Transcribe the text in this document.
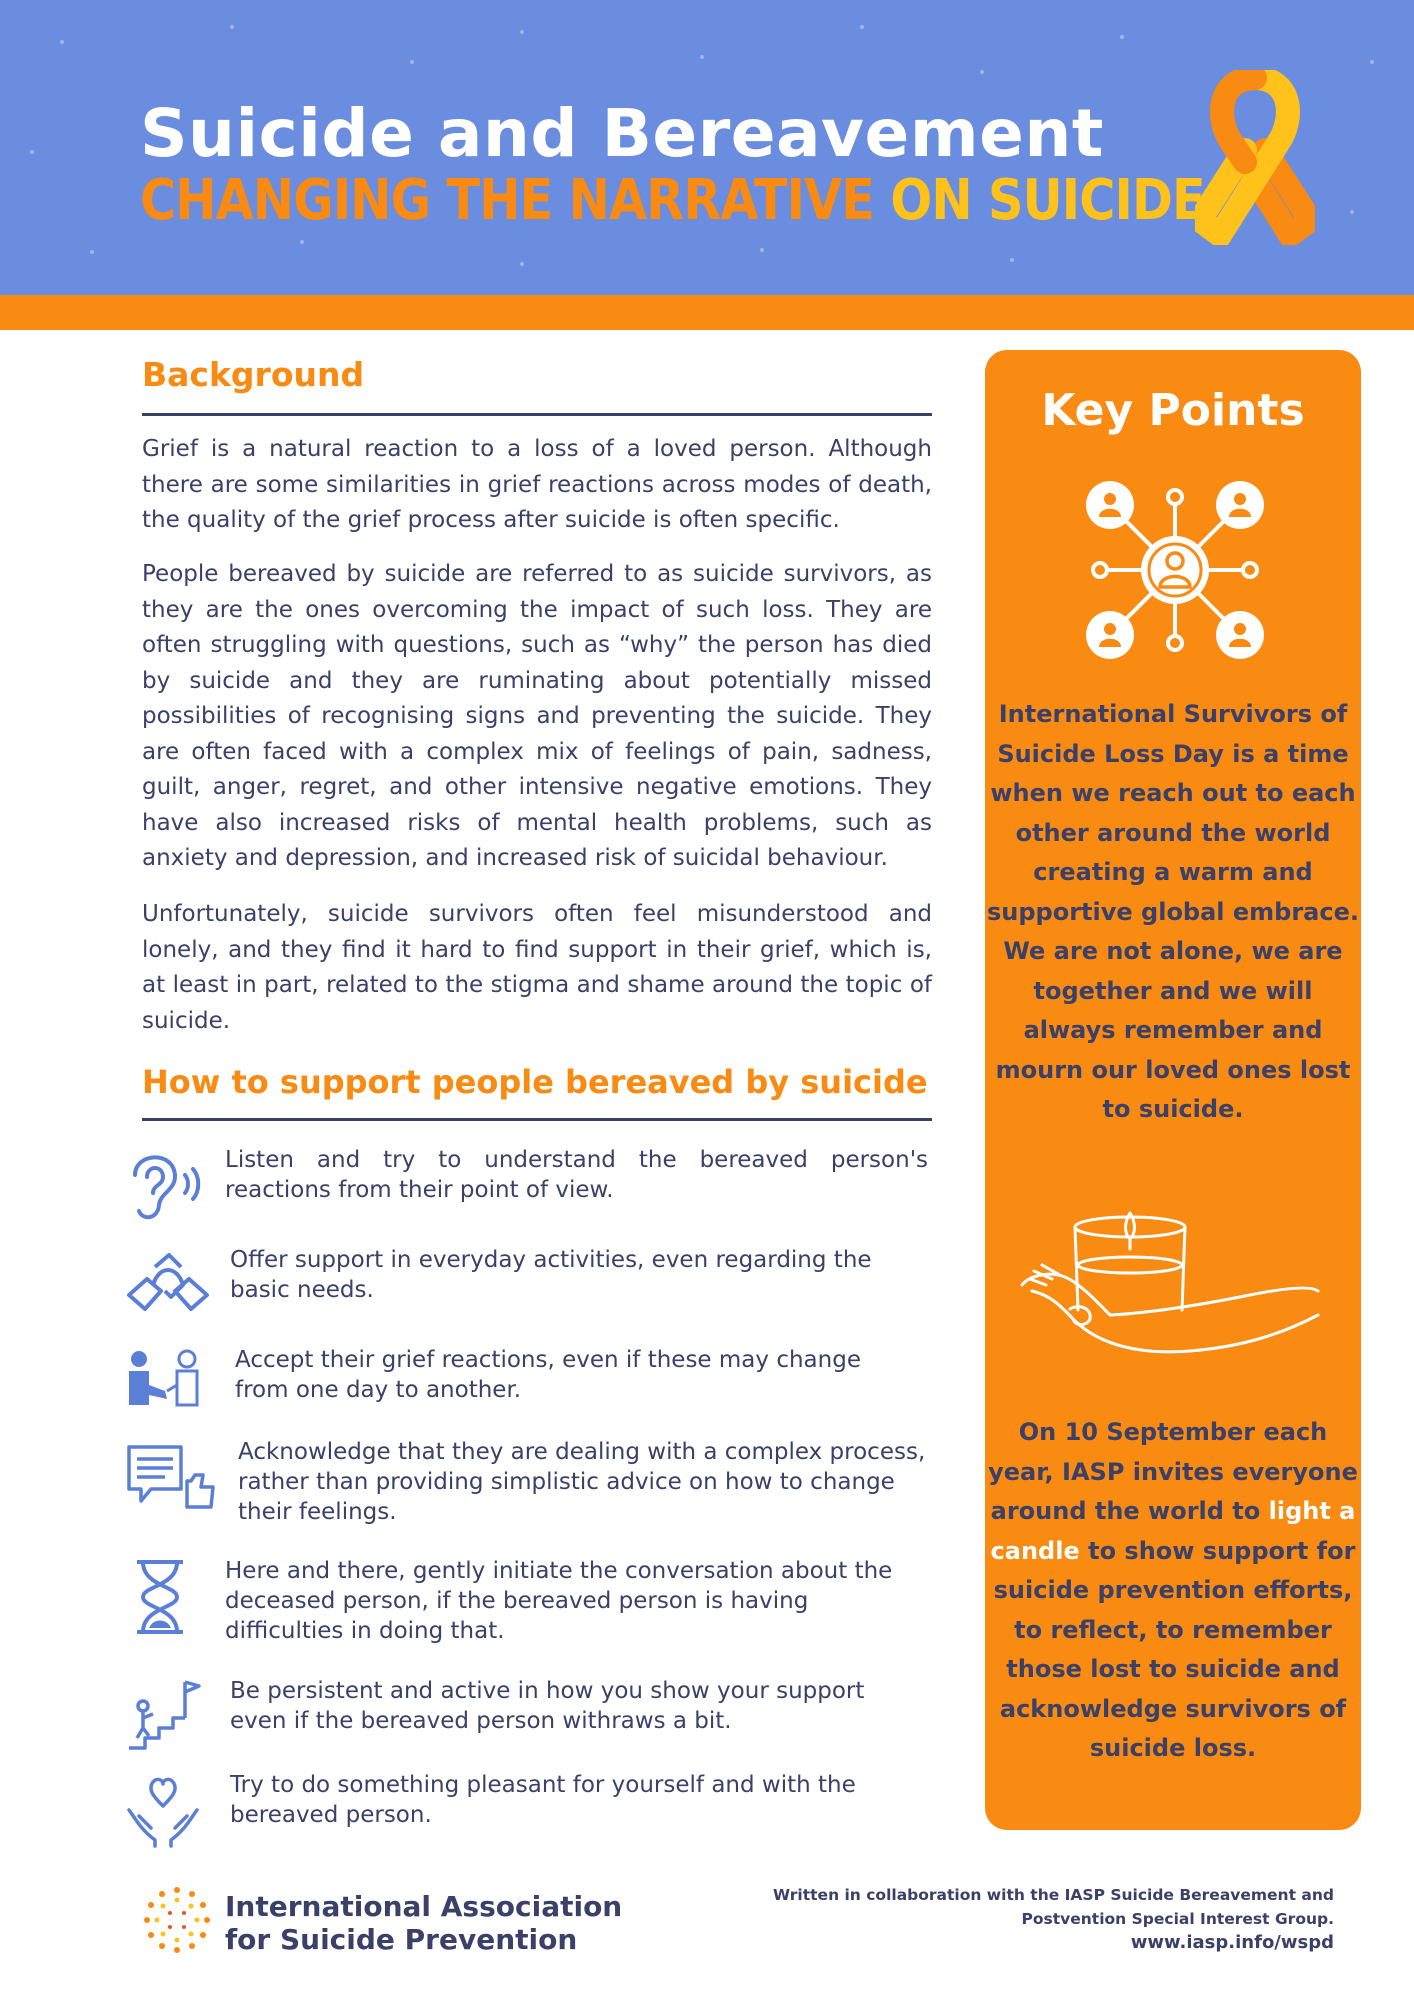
Suicide and Bereavement
CHANGING THE NARRATIVE ON SUICIDE
Background

Grief is a natural reaction to a loss of a loved person. Although there are some similarities in grief reactions across modes of death, the quality of the grief process after suicide is often specific.

People bereaved by suicide are referred to as suicide survivors, as they are the ones overcoming the impact of such loss. They are often struggling with questions, such as “why” the person has died by suicide and they are ruminating about potentially missed possibilities of recognising signs and preventing the suicide. They are often faced with a complex mix of feelings of pain, sadness, guilt, anger, regret, and other intensive negative emotions. They have also increased risks of mental health problems, such as anxiety and depression, and increased risk of suicidal behaviour.

Unfortunately, suicide survivors often feel misunderstood and lonely, and they find it hard to find support in their grief, which is, at least in part, related to the stigma and shame around the topic of suicide.

How to support people bereaved by suicide
Listen and try to understand the bereaved person's reactions from their point of view.
Offer support in everyday activities, even regarding the basic needs.
Accept their grief reactions, even if these may change from one day to another.
Acknowledge that they are dealing with a complex process, rather than providing simplistic advice on how to change their feelings.
Here and there, gently initiate the conversation about the deceased person, if the bereaved person is having difficulties in doing that.
Be persistent and active in how you show your support even if the bereaved person withraws a bit.
Try to do something pleasant for yourself and with the bereaved person.
Key Points
International Survivors of Suicide Loss Day is a time when we reach out to each other around the world creating a warm and supportive global embrace. We are not alone, we are together and we will always remember and mourn our loved ones lost to suicide.
On 10 September each year, IASP invites everyone around the world to light a candle to show support for suicide prevention efforts, to reflect, to remember those lost to suicide and acknowledge survivors of suicide loss.
International Association
for Suicide Prevention
Written in collaboration with the IASP Suicide Bereavement and
Postvention Special Interest Group.
www.iasp.info/wspd
